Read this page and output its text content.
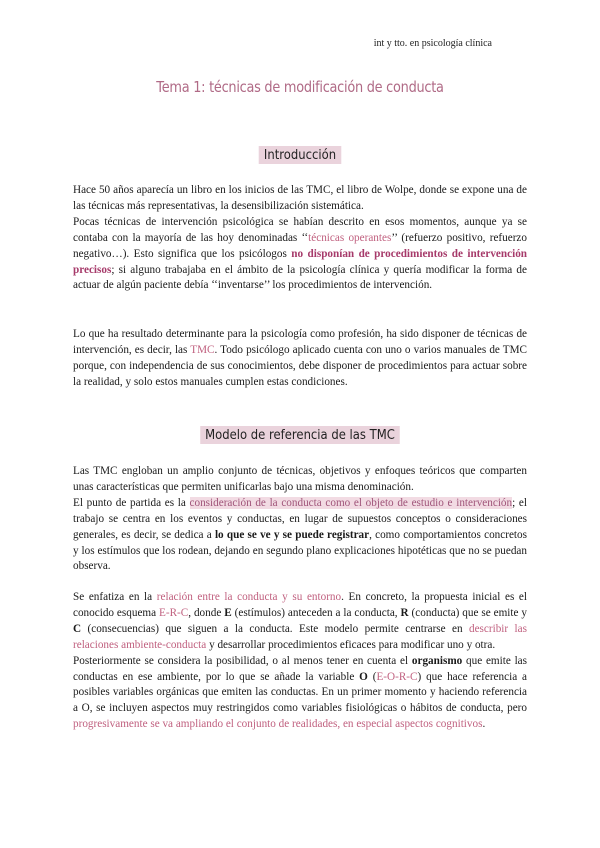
int y tto. en psicología clínica
Tema 1: técnicas de modificación de conducta
Introducción

Hace 50 años aparecía un libro en los inicios de las TMC, el libro de Wolpe, donde se expone una de las técnicas más representativas, la desensibilización sistemática.

Pocas técnicas de intervención psicológica se habían descrito en esos momentos, aunque ya se contaba con la mayoría de las hoy denominadas ‘‘técnicas operantes’’ (refuerzo positivo, refuerzo negativo…). Esto significa que los psicólogos no disponían de procedimientos de intervención precisos; si alguno trabajaba en el ámbito de la psicología clínica y quería modificar la forma de actuar de algún paciente debía ‘‘inventarse’’ los procedimientos de intervención.

Lo que ha resultado determinante para la psicología como profesión, ha sido disponer de técnicas de intervención, es decir, las TMC. Todo psicólogo aplicado cuenta con uno o varios manuales de TMC porque, con independencia de sus conocimientos, debe disponer de procedimientos para actuar sobre la realidad, y solo estos manuales cumplen estas condiciones.

Modelo de referencia de las TMC

Las TMC engloban un amplio conjunto de técnicas, objetivos y enfoques teóricos que comparten unas características que permiten unificarlas bajo una misma denominación.

El punto de partida es la consideración de la conducta como el objeto de estudio e intervención; el trabajo se centra en los eventos y conductas, en lugar de supuestos conceptos o consideraciones generales, es decir, se dedica a lo que se ve y se puede registrar, como comportamientos concretos y los estímulos que los rodean, dejando en segundo plano explicaciones hipotéticas que no se puedan observa.

Se enfatiza en la relación entre la conducta y su entorno. En concreto, la propuesta inicial es el conocido esquema E-R-C, donde E (estímulos) anteceden a la conducta, R (conducta) que se emite y C (consecuencias) que siguen a la conducta. Este modelo permite centrarse en describir las relaciones ambiente-conducta y desarrollar procedimientos eficaces para modificar uno y otra.

Posteriormente se considera la posibilidad, o al menos tener en cuenta el organismo que emite las conductas en ese ambiente, por lo que se añade la variable O (E-O-R-C) que hace referencia a posibles variables orgánicas que emiten las conductas. En un primer momento y haciendo referencia a O, se incluyen aspectos muy restringidos como variables fisiológicas o hábitos de conducta, pero progresivamente se va ampliando el conjunto de realidades, en especial aspectos cognitivos.
